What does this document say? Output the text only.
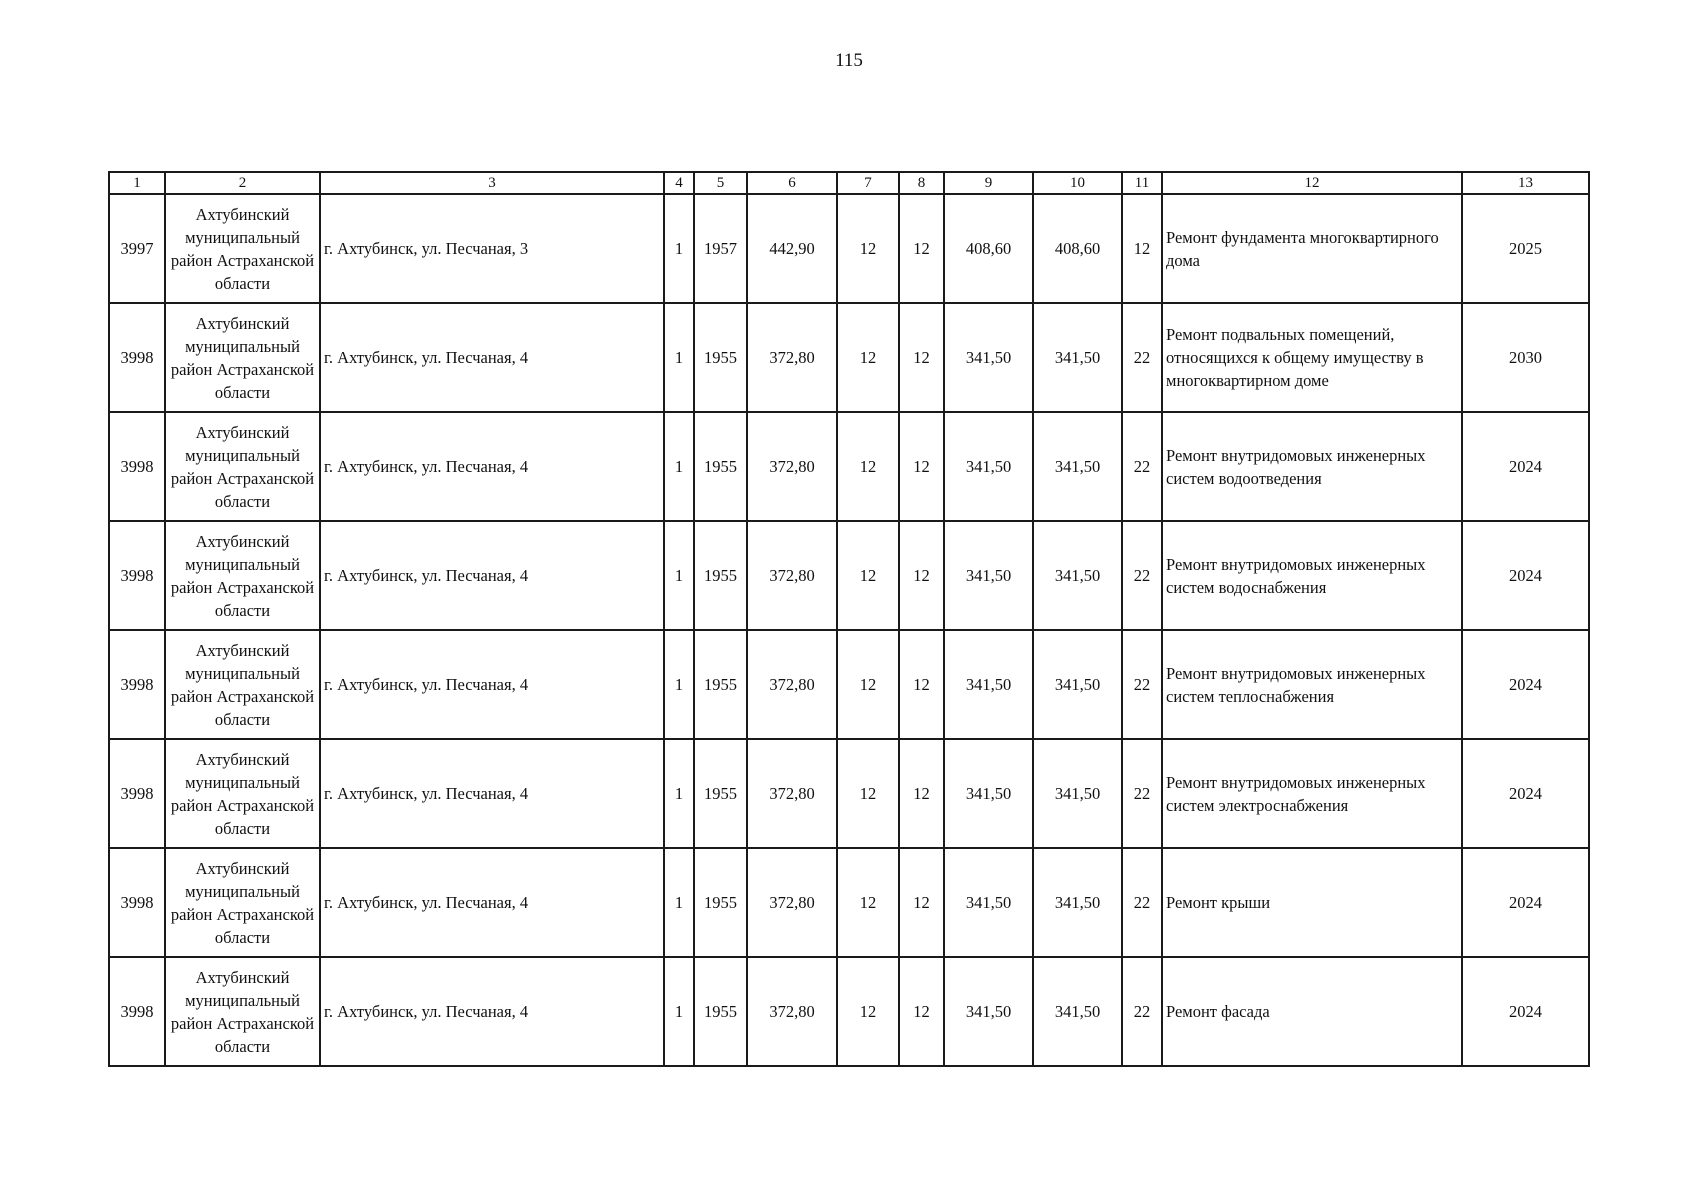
115
1	2	3	4	5	6	7	8	9	10	11	12	13
3997	Ахтубинский муниципальный район Астраханской области	г. Ахтубинск, ул. Песчаная, 3	1	1957	442,90	12	12	408,60	408,60	12	Ремонт фундамента многоквартирного дома	2025
3998	Ахтубинский муниципальный район Астраханской области	г. Ахтубинск, ул. Песчаная, 4	1	1955	372,80	12	12	341,50	341,50	22	Ремонт подвальных помещений, относящихся к общему имуществу в многоквартирном доме	2030
3998	Ахтубинский муниципальный район Астраханской области	г. Ахтубинск, ул. Песчаная, 4	1	1955	372,80	12	12	341,50	341,50	22	Ремонт внутридомовых инженерных систем водоотведения	2024
3998	Ахтубинский муниципальный район Астраханской области	г. Ахтубинск, ул. Песчаная, 4	1	1955	372,80	12	12	341,50	341,50	22	Ремонт внутридомовых инженерных систем водоснабжения	2024
3998	Ахтубинский муниципальный район Астраханской области	г. Ахтубинск, ул. Песчаная, 4	1	1955	372,80	12	12	341,50	341,50	22	Ремонт внутридомовых инженерных систем теплоснабжения	2024
3998	Ахтубинский муниципальный район Астраханской области	г. Ахтубинск, ул. Песчаная, 4	1	1955	372,80	12	12	341,50	341,50	22	Ремонт внутридомовых инженерных систем электроснабжения	2024
3998	Ахтубинский муниципальный район Астраханской области	г. Ахтубинск, ул. Песчаная, 4	1	1955	372,80	12	12	341,50	341,50	22	Ремонт крыши	2024
3998	Ахтубинский муниципальный район Астраханской области	г. Ахтубинск, ул. Песчаная, 4	1	1955	372,80	12	12	341,50	341,50	22	Ремонт фасада	2024
